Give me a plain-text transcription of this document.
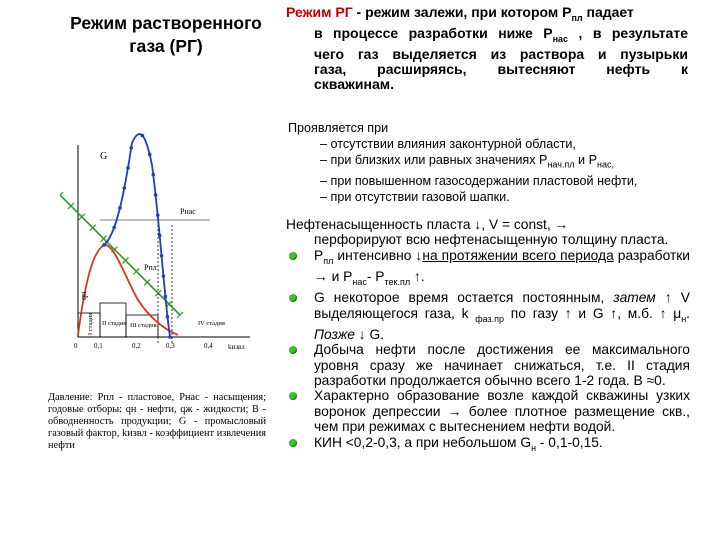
Режим растворенного
газа (РГ)
Режим РГ - режим залежи, при котором $Р_{пл}$ падает
в процессе разработки ниже $Р_{нас}$ , в результате
чего газ выделяется из раствора и пузырьки
газа, расширяясь, вытесняют нефть к
скважинам.
Проявляется при
– отсутствии влияния законтурной области,
– при близких или равных значениях $Р_{нач.пл}$ и $Р_{нас,}$
– при повышенном газосодержании пластовой нефти,
– при отсутствии газовой шапки.
G
Рнас
Рпл
qн
I стадия II стадия III стадия	IV стадия
0 0,1	0,2	0,3	0,4 kизвл
Давление: Рпл - пластовое, Рнас - насыщения; годовые отборы: qн - нефти, qж - жидкости; В - обводненность продукции; G - промысловый газовый фактор, kизвл - коэффициент извлечения нефти
Нефтенасыщенность пласта ↓, V = const, →
перфорируют всю нефтенасыщенную толщину пласта.
$Р_{пл}$ интенсивно ↓на протяжении всего периода разработки → и $Р_{нас}-$ $Р_{тек.пл}$ ↑.
G некоторое время остается постоянным, затем ↑ V выделяющегося газа, k $_{фаз.пр}$ по газу ↑ и G ↑, м.б. ↑ $\mu_н$. Позже ↓ G.
Добыча нефти после достижения ее максимального уровня сразу же начинает снижаться, т.е. II стадия разработки продолжается обычно всего 1-2 года. В ≈0.
Характерно образование возле каждой скважины узких воронок депрессии → более плотное размещение скв., чем при режимах с вытеснением нефти водой.
КИН <0,2-0,3, а при небольшом $G_н - 0,1-0,15$.
